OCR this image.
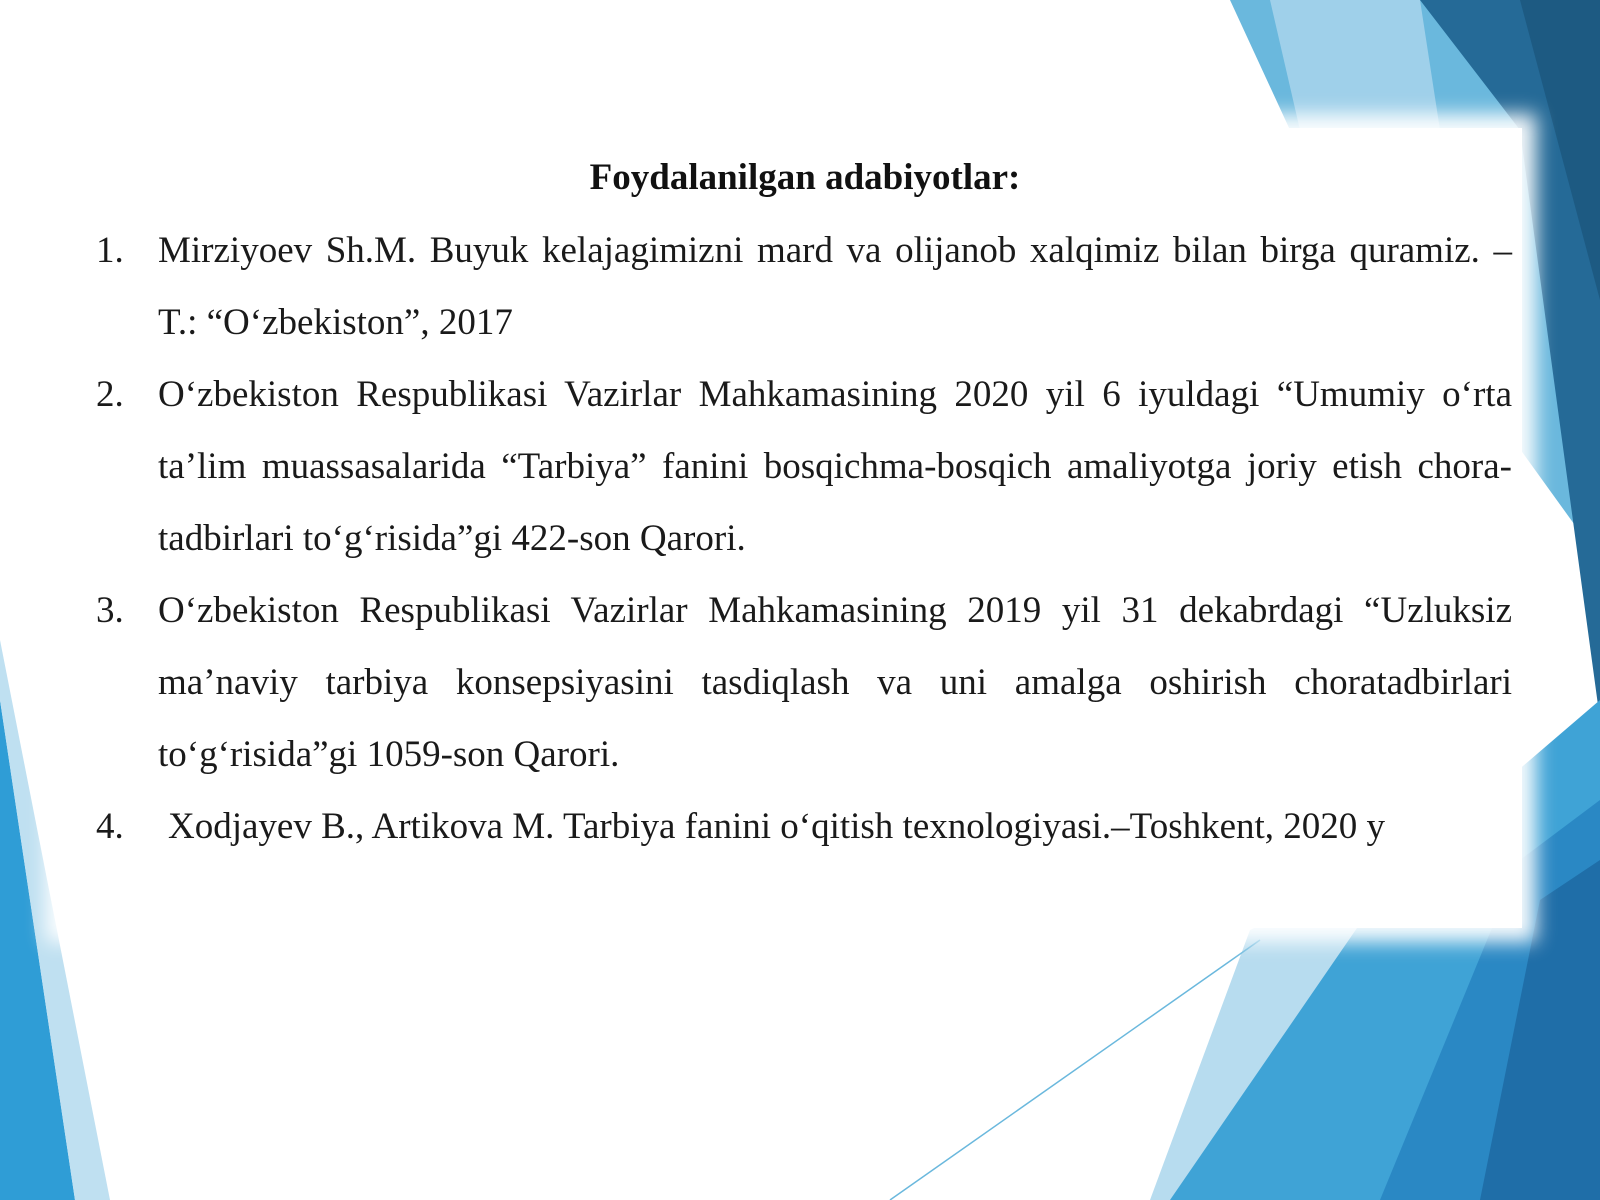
Foydalanilgan adabiyotlar:
1. Mirziyoev Sh.M. Buyuk kelajagimizni mard va olijanob xalqimiz bilan birga quramiz. – T.: “O‘zbekiston”, 2017
2. O‘zbekiston Respublikasi Vazirlar Mahkamasining 2020 yil 6 iyuldagi “Umumiy o‘rta ta’lim muassasalarida “Tarbiya” fanini bosqichma-bosqich amaliyotga joriy etish chora-tadbirlari to‘g‘risida”gi 422-son Qarori.
3. O‘zbekiston Respublikasi Vazirlar Mahkamasining 2019 yil 31 dekabrdagi “Uzluksiz ma’naviy tarbiya konsepsiyasini tasdiqlash va uni amalga oshirish choratadbirlari to‘g‘risida”gi 1059-son Qarori.
4. Xodjayev B., Artikova M. Tarbiya fanini o‘qitish texnologiyasi.–Toshkent, 2020 y
